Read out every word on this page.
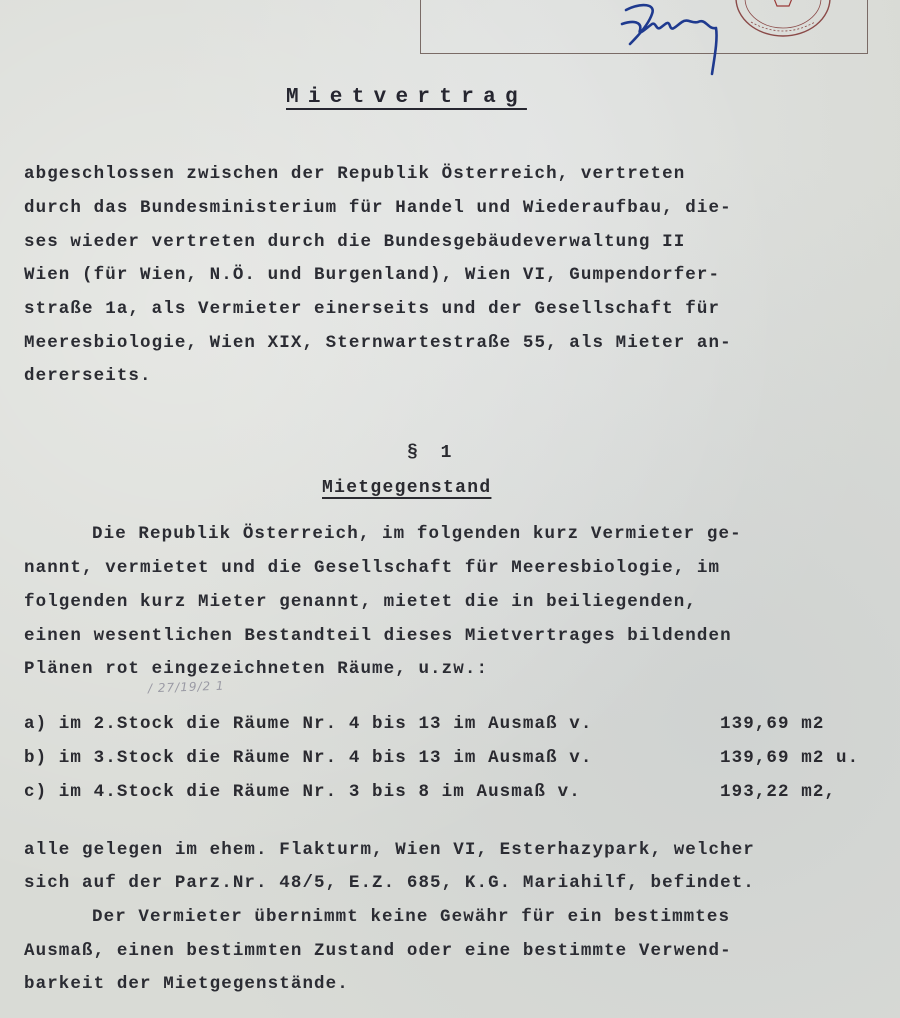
Mietvertrag
abgeschlossen zwischen der Republik Österreich, vertreten
durch das Bundesministerium für Handel und Wiederaufbau, die-
ses wieder vertreten durch die Bundesgebäudeverwaltung II
Wien (für Wien, N.Ö. und Burgenland), Wien VI, Gumpendorfer-
straße 1a, als Vermieter einerseits und der Gesellschaft für
Meeresbiologie, Wien XIX, Sternwartestraße 55, als Mieter an-
dererseits.
§ 1
Mietgegenstand
Die Republik Österreich, im folgenden kurz Vermieter ge-
nannt, vermietet und die Gesellschaft für Meeresbiologie, im
folgenden kurz Mieter genannt, mietet die in beiliegenden,
einen wesentlichen Bestandteil dieses Mietvertrages bildenden
Plänen rot eingezeichneten Räume, u.zw.:
/ 27/19/2 1
a) im 2.Stock die Räume Nr. 4 bis 13 im Ausmaß v.	139,69 m2
b) im 3.Stock die Räume Nr. 4 bis 13 im Ausmaß v.	139,69 m2 u.
c) im 4.Stock die Räume Nr. 3 bis 8 im Ausmaß v.	193,22 m2,
alle gelegen im ehem. Flakturm, Wien VI, Esterhazypark, welcher
sich auf der Parz.Nr. 48/5, E.Z. 685, K.G. Mariahilf, befindet.
Der Vermieter übernimmt keine Gewähr für ein bestimmtes
Ausmaß, einen bestimmten Zustand oder eine bestimmte Verwend-
barkeit der Mietgegenstände.
